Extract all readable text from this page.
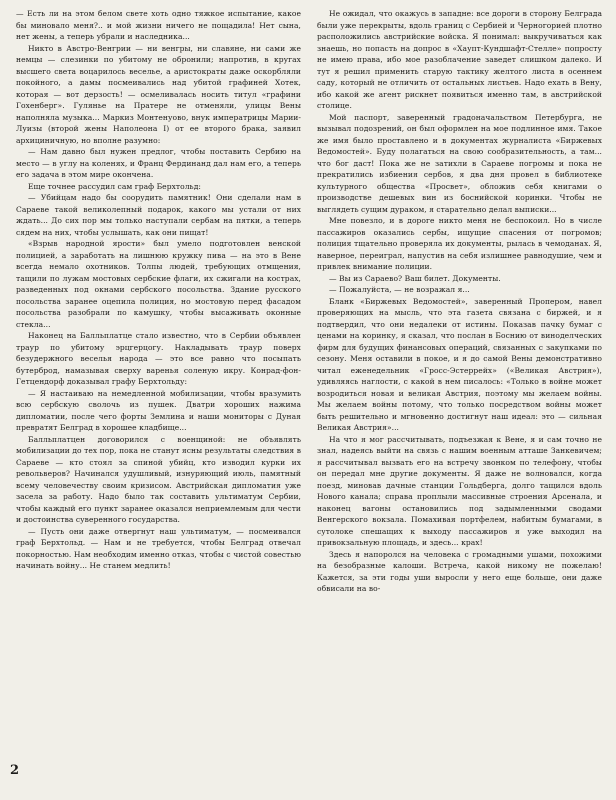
— Есть ли на этом белом свете хоть одно тяжкое испытание, какое бы миновало меня?.. и мой жизни ничего не пощадила! Нет сына, нет жены, а теперь убрали и наследника...

Никто в Австро-Венгрии — ни венгры, ни славяне, ни сами же немцы — слезинки по убитому не обронили; напротив, в кругах высшего света воцарилось веселье, а аристократы даже оскорбляли покойного, а дамы посмеивались над убитой графиней Хотек, которая — вот дерзость! — осмеливалась носить титул «графини Гохенберг». Гулянье на Пратере не отменяли, улицы Вены наполняла музыка... Маркиз Монтенуово, внук императрицы Марии-Луизы (второй жены Наполеона I) от ее второго брака, заявил архициничную, но вполне разумно:

— Нам давно был нужен предлог, чтобы поставить Сербию на место — в углу на коленях, и Франц Фердинанд дал нам его, а теперь его задача в этом мире окончена.

Еще точнее рассудил сам граф Берхтольд:

— Убийцам надо бы соорудить памятник! Они сделали нам в Сараеве такой великолепный подарок, какого мы устали от них ждать... До сих пор мы только наступали сербам на пятки, а теперь сядем на них, чтобы услышать, как они пищат!

«Взрыв народной ярости» был умело подготовлен венской полицией, а заработать на лишнюю кружку пива — на это в Вене всегда немало охотников. Толпы людей, требующих отмщения, тащили по лужам мостовых сербские флаги, их сжигали на кострах, разведенных под окнами сербского посольства. Здание русского посольства заранее оцепила полиция, но мостовую перед фасадом посольства разобрали по камушку, чтобы высаживать оконные стекла...

Наконец на Балльплатце стало известно, что в Сербии объявлен траур по убитому эрцгерцогу. Накладывать траур поверх безудержного веселья народа — это все равно что посыпать бутерброд, намазывая сверху варенья соленую икру. Конрад-фон-Гетцендорф доказывал графу Берхтольду:

— Я настаиваю на немедленной мобилизации, чтобы вразумить всю сербскую сволочь из пушек. Дватри хороших нажима дипломатии, после чего форты Землина и наши мониторы с Дуная превратят Белград в хорошее кладбище...

Балльплатцен договорился с военщиной: не объявлять мобилизации до тех пор, пока не станут ясны результаты следствия в Сараеве — кто стоял за спиной убийц, кто изводил курки их револьверов? Начинался удушливый, изнуряющий июль, памятный всему человечеству своим кризисом. Австрийская дипломатия уже засела за работу. Надо было так составить ультиматум Сербии, чтобы каждый его пункт заранее оказался неприемлемым для чести и достоинства суверенного государства.

— Пусть они даже отвергнут наш ультиматум, — посмеивался граф Берхтольд. — Нам и не требуется, чтобы Белград отвечал покорностью. Нам необходим именно отказ, чтобы с чистой совестью начинать войну... Не станем медлить!

Не ожидал, что окажусь в западне: все дороги в сторону Белграда были уже перекрыты, вдоль границ с Сербией и Черногорией плотно расположились австрийские войска. Я понимал: выкручиваться как знаешь, но попасть на допрос в «Хаупт-Кундшафт-Стелле» попросту не имею права, ибо мое разоблачение заведет слишком далеко. И тут я решил применить старую тактику желтого листа в осеннем саду, который не отличить от остальных листьев. Надо ехать в Вену, ибо какой же агент рискнет появиться именно там, в австрийской столице.

Мой паспорт, заверенный градоначальством Петербурга, не вызывал подозрений, он был оформлен на мое подлинное имя. Такое же имя было проставлено и в документах журналиста «Биржевых Ведомостей». Буду полагаться на свою сообразительность, а там... что бог даст! Пока же не затихли в Сараеве погромы и пока не прекратились избиения сербов, я два дня провел в библиотеке культурного общества «Просвет», обложив себя книгами о производстве дешевых вин из боснийской коринки. Чтобы не выглядеть сущим дураком, я старательно делал выписки...

Мне повезло, и в дороге никто меня не беспокоил. Но в числе пассажиров оказались сербы, ищущие спасения от погромов; полиция тщательно проверяла их документы, рылась в чемоданах. Я, наверное, переиграл, напустив на себя излишнее равнодушие, чем и привлек внимание полиции.

— Вы из Сараево? Ваш билет. Документы.

— Пожалуйста, — не возражал я...

Бланк «Биржевых Ведомостей», заверенный Пропером, навел проверяющих на мысль, что эта газета связана с биржей, и я подтвердил, что они недалеки от истины. Показав пачку бумаг с ценами на коринку, я сказал, что послан в Боснию от виноделческих фирм для будущих финансовых операций, связанных с закупками по сезону. Меня оставили в покое, и я до самой Вены демонстративно читал еженедельник «Гросс-Эстеррейх» («Великая Австрия»), удивляясь наглости, с какой в нем писалось: «Только в войне может возродиться новая и великая Австрия, поэтому мы желаем войны. Мы желаем войны потому, что только посредством войны может быть решительно и мгновенно достигнут наш идеал: это — сильная Великая Австрия»...

На что я мог рассчитывать, подъезжая к Вене, я и сам точно не знал, надеясь выйти на связь с нашим военным атташе Занкевичем; я рассчитывал вызвать его на встречу звонком по телефону, чтобы он передал мне другие документы. Я даже не волновался, когда поезд, миновав дачные станции Гольдберга, долго тащился вдоль Нового канала; справа проплыли массивные строения Арсенала, и наконец вагоны остановились под задымленными сводами Венгерского вокзала. Помахивая портфелем, набитым бумагами, в сутолоке спешащих к выходу пассажиров я уже выходил на привокзальную площадь, и здесь... крах!

Здесь я напоролся на человека с громадными ушами, похожими на безобразные калоши. Встреча, какой никому не пожелаю! Кажется, за эти годы уши выросли у него еще больше, они даже обвисали на во-

2
